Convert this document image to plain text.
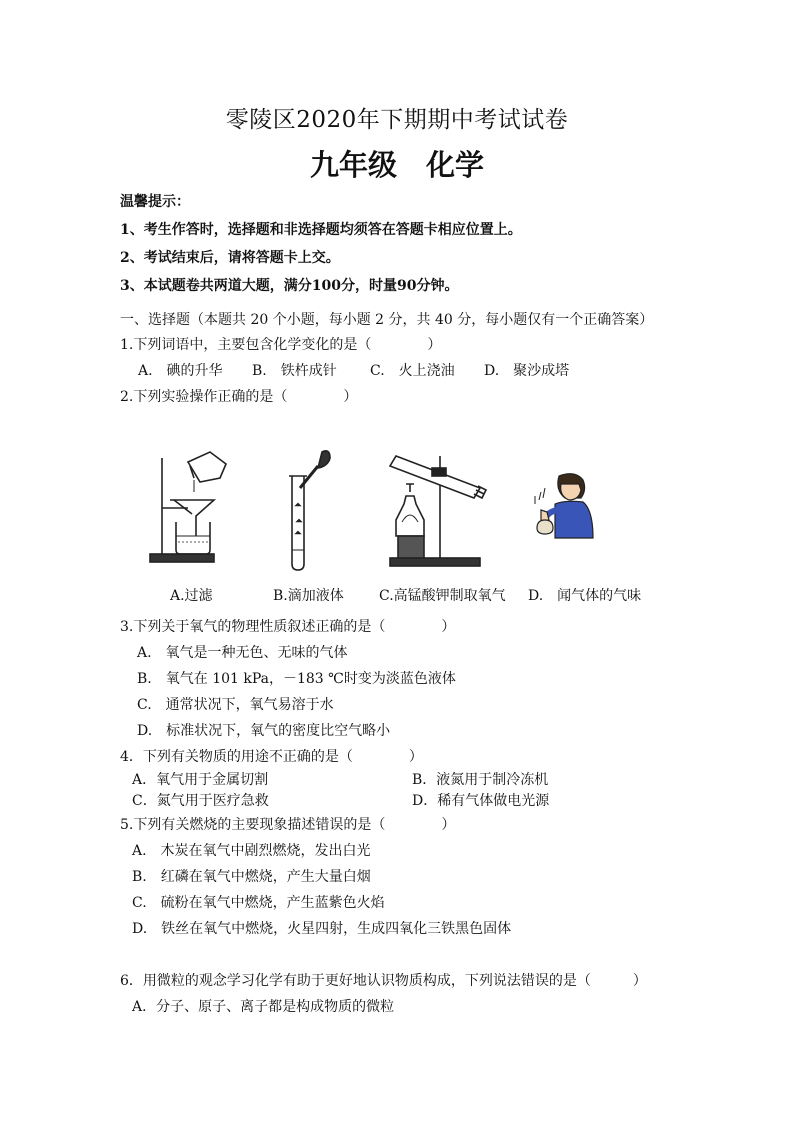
零陵区2020年下期期中考试试卷
九年级　化学
温馨提示：
1、考生作答时，选择题和非选择题均须答在答题卡相应位置上。
2、考试结束后，请将答题卡上交。
3、本试题卷共两道大题，满分100分，时量90分钟。
一、选择题（本题共 20 个小题，每小题 2 分，共 40 分，每小题仅有一个正确答案）
1.下列词语中，主要包含化学变化的是（　　　　）
A.　碘的升华 B.　铁杵成针 C.　火上浇油 D.　聚沙成塔
2.下列实验操作正确的是（　　　　）
A.过滤	B.滴加液体	C.高锰酸钾制取氧气 D.　闻气体的气味
3.下列关于氧气的物理性质叙述正确的是（　　　　）
A.　氧气是一种无色、无味的气体
B.　氧气在 101 kPa，－183 ℃时变为淡蓝色液体
C.　通常状况下，氧气易溶于水
D.　标准状况下，氧气的密度比空气略小
4．下列有关物质的用途不正确的是（　　　　）
A．氧气用于金属切割	B．液氮用于制冷冻机
C．氮气用于医疗急救	D．稀有气体做电光源
5.下列有关燃烧的主要现象描述错误的是（　　　　）
A.　木炭在氧气中剧烈燃烧，发出白光
B.　红磷在氧气中燃烧，产生大量白烟
C.　硫粉在氧气中燃烧，产生蓝紫色火焰
D.　铁丝在氧气中燃烧，火星四射，生成四氧化三铁黑色固体
6．用微粒的观念学习化学有助于更好地认识物质构成，下列说法错误的是（　　　）
A．分子、原子、离子都是构成物质的微粒
